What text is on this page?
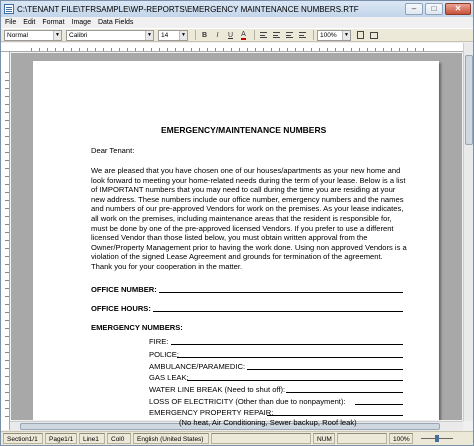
C:\TENANT FILE\TFRSAMPLE\WP-REPORTS\EMERGENCY MAINTENANCE NUMBERS.RTF	–	□	✕
File Edit Format Image Data Fields
Normal	▼	Calibri	▼	14	▼ B I U A	100%	▼
EMERGENCY/MAINTENANCE NUMBERS
Dear Tenant:
We are pleased that you have chosen one of our houses/apartments as your new home and
look forward to meeting your home-related needs during the term of your lease. Below is a list
of IMPORTANT numbers that you may need to call during the time you are residing at your
new address. These numbers include our office number, emergency numbers and the names
and numbers of our pre-approved Vendors for work on the premises. As your lease indicates,
all work on the premises, including maintenance areas that the resident is responsible for,
must be done by one of the pre-approved licensed Vendors. If you prefer to use a different
licensed Vendor than those listed below, you must obtain written approval from the
Owner/Property Management prior to having the work done. Using non approved Vendors is a
violation of the signed Lease Agreement and grounds for termination of the agreement.
Thank you for your cooperation in the matter.
OFFICE NUMBER:
OFFICE HOURS:
EMERGENCY NUMBERS:
FIRE:
POLICE:
AMBULANCE/PARAMEDIC:
GAS LEAK:
WATER LINE BREAK (Need to shut off):
LOSS OF ELECTRICITY (Other than due to nonpayment):
EMERGENCY PROPERTY REPAIR:
(No heat, Air Conditioning, Sewer backup, Roof leak)
Section1/1	Page1/1	Line1	Col0	English (United States)	NUM	100%
